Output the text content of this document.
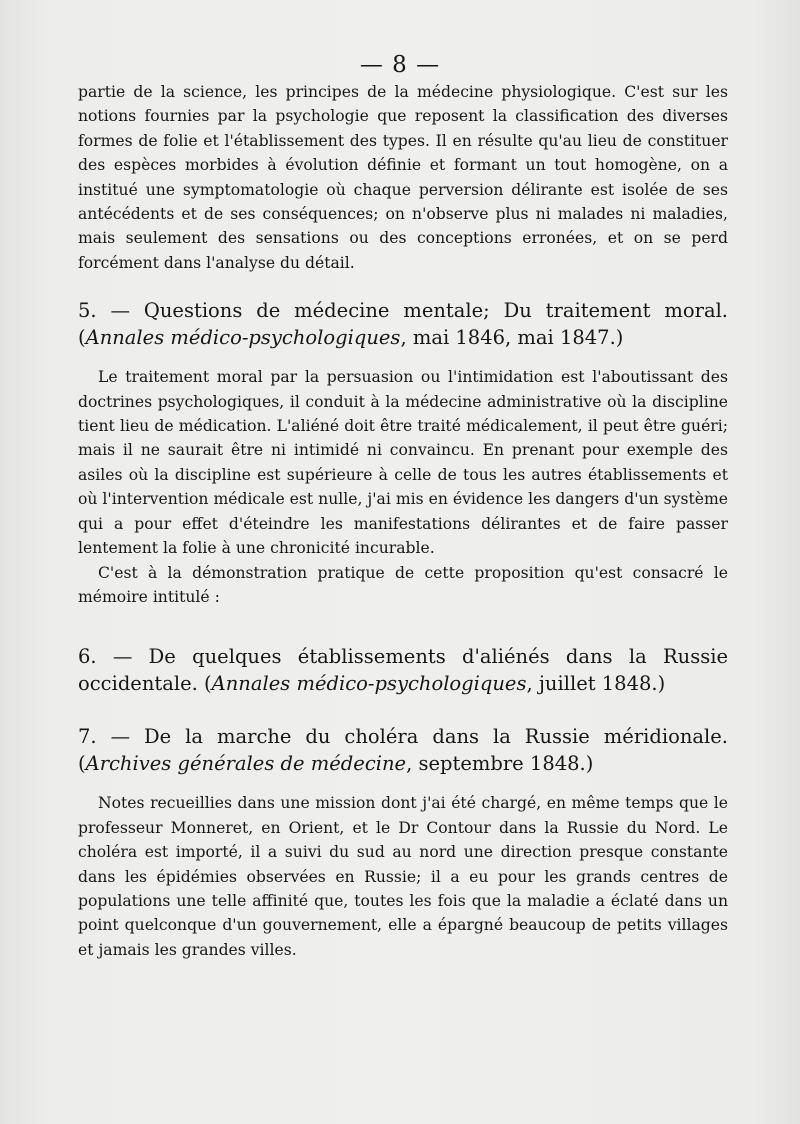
— 8 —

partie de la science, les principes de la médecine physiologique. C'est sur les notions fournies par la psychologie que reposent la classification des diverses formes de folie et l'établissement des types. Il en résulte qu'au lieu de constituer des espèces morbides à évolution définie et formant un tout homogène, on a institué une symptomatologie où chaque perversion délirante est isolée de ses antécédents et de ses conséquences; on n'observe plus ni malades ni maladies, mais seulement des sensations ou des conceptions erronées, et on se perd forcément dans l'analyse du détail.

5. — Questions de médecine mentale; Du traitement moral. (Annales médico-psychologiques, mai 1846, mai 1847.)

Le traitement moral par la persuasion ou l'intimidation est l'aboutissant des doctrines psychologiques, il conduit à la médecine administrative où la discipline tient lieu de médication. L'aliéné doit être traité médicalement, il peut être guéri; mais il ne saurait être ni intimidé ni convaincu. En prenant pour exemple des asiles où la discipline est supérieure à celle de tous les autres établissements et où l'intervention médicale est nulle, j'ai mis en évidence les dangers d'un système qui a pour effet d'éteindre les manifestations délirantes et de faire passer lentement la folie à une chronicité incurable.

C'est à la démonstration pratique de cette proposition qu'est consacré le mémoire intitulé :

6. — De quelques établissements d'aliénés dans la Russie occidentale. (Annales médico-psychologiques, juillet 1848.)
7. — De la marche du choléra dans la Russie méridionale. (Archives générales de médecine, septembre 1848.)

Notes recueillies dans une mission dont j'ai été chargé, en même temps que le professeur Monneret, en Orient, et le Dr Contour dans la Russie du Nord. Le choléra est importé, il a suivi du sud au nord une direction presque constante dans les épidémies observées en Russie; il a eu pour les grands centres de populations une telle affinité que, toutes les fois que la maladie a éclaté dans un point quelconque d'un gouvernement, elle a épargné beaucoup de petits villages et jamais les grandes villes.
